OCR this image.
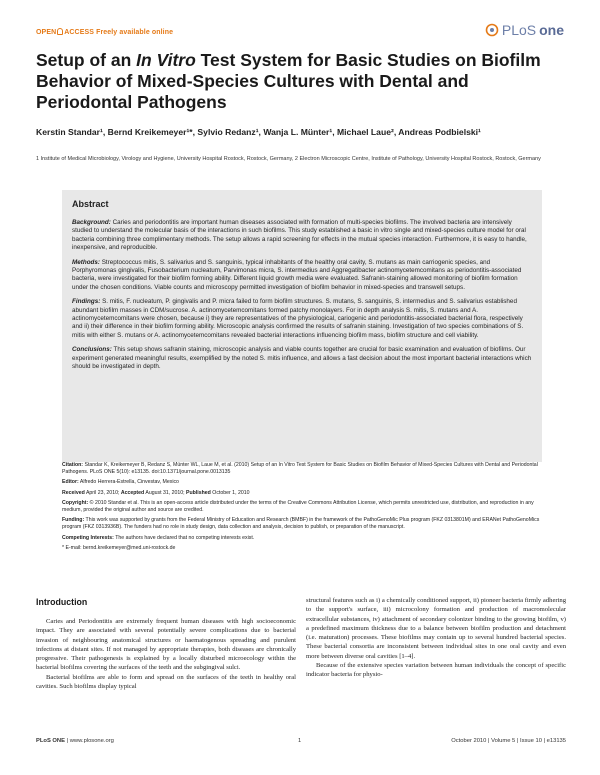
OPEN ACCESS Freely available online	PLoS one
Setup of an In Vitro Test System for Basic Studies on Biofilm Behavior of Mixed-Species Cultures with Dental and Periodontal Pathogens
Kerstin Standar¹, Bernd Kreikemeyer¹*, Sylvio Redanz¹, Wanja L. Münter¹, Michael Laue², Andreas Podbielski¹
1 Institute of Medical Microbiology, Virology and Hygiene, University Hospital Rostock, Rostock, Germany, 2 Electron Microscopic Centre, Institute of Pathology, University Hospital Rostock, Rostock, Germany
Abstract

Background: Caries and periodontitis are important human diseases associated with formation of multi-species biofilms. The involved bacteria are intensively studied to understand the molecular basis of the interactions in such biofilms. This study established a basic in vitro single and mixed-species culture model for oral bacteria combining three complimentary methods. The setup allows a rapid screening for effects in the mutual species interaction. Furthermore, it is easy to handle, inexpensive, and reproducible.

Methods: Streptococcus mitis, S. salivarius and S. sanguinis, typical inhabitants of the healthy oral cavity, S. mutans as main carriogenic species, and Porphyromonas gingivalis, Fusobacterium nucleatum, Parvimonas micra, S. intermedius and Aggregatibacter actinomycetemcomitans as periodontitis-associated bacteria, were investigated for their biofilm forming ability. Different liquid growth media were evaluated. Safranin-staining allowed monitoring of biofilm formation under the chosen conditions. Viable counts and microscopy permitted investigation of biofilm behavior in mixed-species and transwell setups.

Findings: S. mitis, F. nucleatum, P. gingivalis and P. micra failed to form biofilm structures. S. mutans, S. sanguinis, S. intermedius and S. salivarius established abundant biofilm masses in CDM/sucrose. A. actinomycetemcomitans formed patchy monolayers. For in depth analysis S. mitis, S. mutans and A. actinomycetemcomitans were chosen, because i) they are representatives of the physiological, cariogenic and periodontitis-associated bacterial flora, respectively and ii) their difference in their biofilm forming ability. Microscopic analysis confirmed the results of safranin staining. Investigation of two species combinations of S. mitis with either S. mutans or A. actinomycetemcomitans revealed bacterial interactions influencing biofilm mass, biofilm structure and cell viability.

Conclusions: This setup shows safranin staining, microscopic analysis and viable counts together are crucial for basic examination and evaluation of biofilms. Our experiment generated meaningful results, exemplified by the noted S. mitis influence, and allows a fast decision about the most important bacterial interactions which should be investigated in depth.

Citation: Standar K, Kreikemeyer B, Redanz S, Münter WL, Laue M, et al. (2010) Setup of an In Vitro Test System for Basic Studies on Biofilm Behavior of Mixed-Species Cultures with Dental and Periodontal Pathogens. PLoS ONE 5(10): e13135. doi:10.1371/journal.pone.0013135

Editor: Alfredo Herrera-Estrella, Cinvestav, Mexico

Received April 23, 2010; Accepted August 31, 2010; Published October 1, 2010

Copyright: © 2010 Standar et al. This is an open-access article distributed under the terms of the Creative Commons Attribution License, which permits unrestricted use, distribution, and reproduction in any medium, provided the original author and source are credited.

Funding: This work was supported by grants from the Federal Ministry of Education and Research (BMBF) in the framework of the PathoGenoMic Plus program (FKZ 0313801M) and ERANet PathoGenoMics program (FKZ 0313936B). The funders had no role in study design, data collection and analysis, decision to publish, or preparation of the manuscript.

Competing Interests: The authors have declared that no competing interests exist.

* E-mail: bernd.kreikemeyer@med.uni-rostock.de

Introduction

Caries and Periodontitis are extremely frequent human diseases with high socioeconomic impact. They are associated with several potentially severe complications due to bacterial invasion of neighbouring anatomical structures or haematogenous spreading and purulent infections at distant sites. If not managed by appropriate therapies, both diseases are chronically progressive. Their pathogenesis is explained by a locally disturbed microecology within the bacterial biofilms covering the surfaces of the teeth and the subgingival sulci.

Bacterial biofilms are able to form and spread on the surfaces of the teeth in healthy oral cavities. Such biofilms display typical

structural features such as i) a chemically conditioned support, ii) pioneer bacteria firmly adhering to the support's surface, iii) microcolony formation and production of macromolecular extracellular substances, iv) attachment of secondary colonizer binding to the growing biofilm, v) a predefined maximum thickness due to a balance between biofilm production and detachment (i.e. maturation) processes. These biofilms may contain up to several hundred bacterial species. These bacterial consortia are inconsistent between individual sites in one oral cavity and even more between diverse oral cavities [1–4].

Because of the extensive species variation between human individuals the concept of specific indicator bacteria for physio-

PLoS ONE | www.plosone.org	1	October 2010 | Volume 5 | Issue 10 | e13135
